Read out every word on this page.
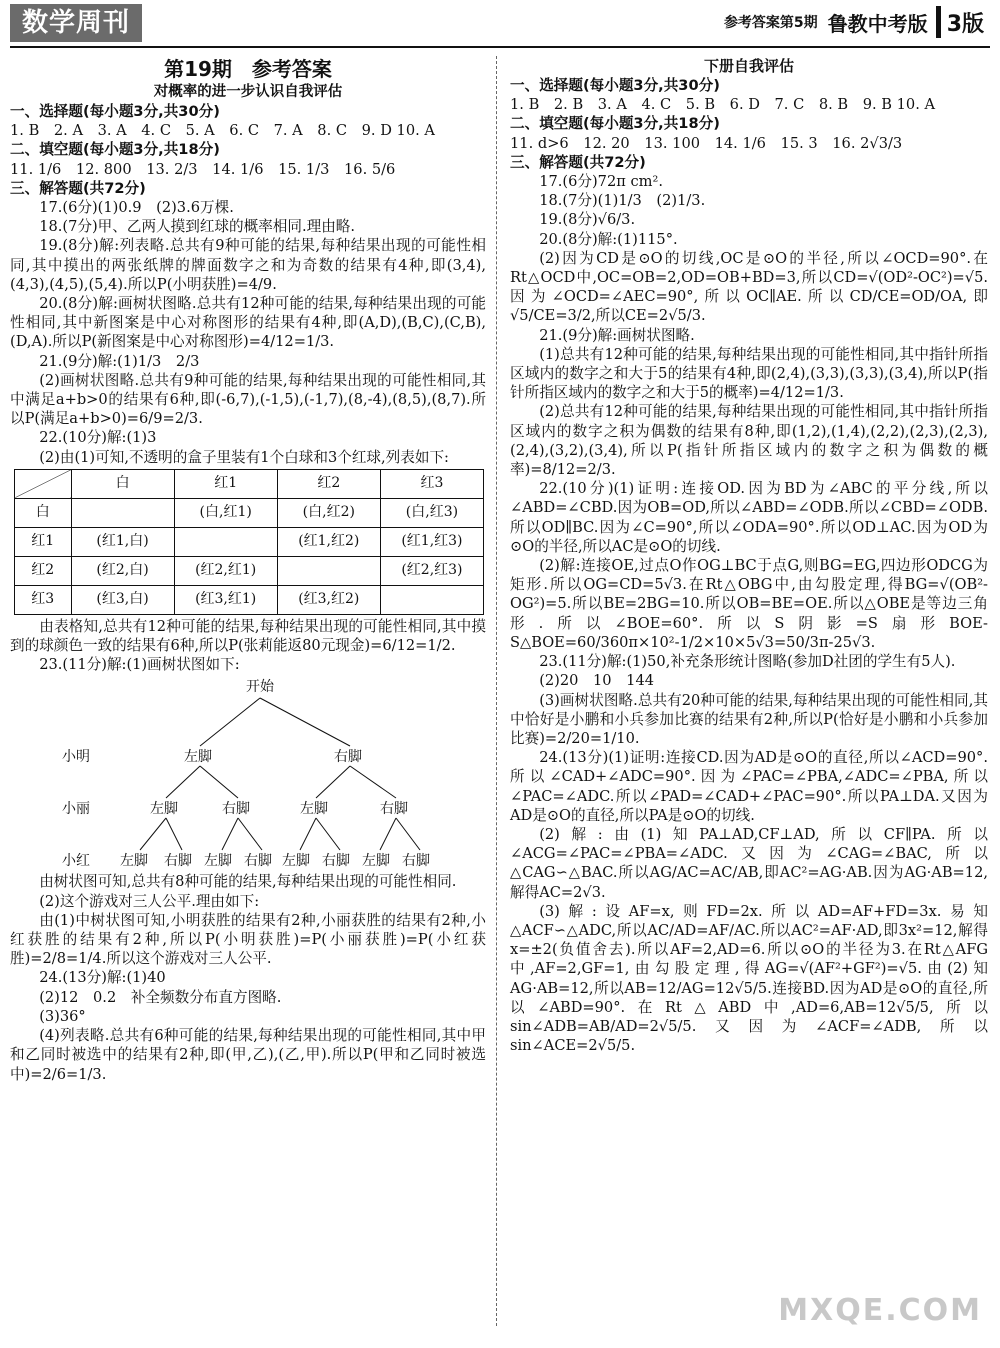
数学周刊	参考答案第5期 鲁教中考版 3版
第19期　参考答案
对概率的进一步认识自我评估

一、选择题(每小题3分,共30分)

1. B　2. A　3. A　4. C　5. A　6. C　7. A　8. C　9. D 10. A

二、填空题(每小题3分,共18分)

11. 1/6　12. 800　13. 2/3　14. 1/6　15. 1/3　16. 5/6

三、解答题(共72分)

17.(6分)(1)0.9　(2)3.6万棵.

18.(7分)甲、乙两人摸到红球的概率相同.理由略.

19.(8分)解:列表略.总共有9种可能的结果,每种结果出现的可能性相同,其中摸出的两张纸牌的牌面数字之和为奇数的结果有4种,即(3,4),(4,3),(4,5),(5,4).所以P(小明获胜)=4/9.

20.(8分)解:画树状图略.总共有12种可能的结果,每种结果出现的可能性相同,其中新图案是中心对称图形的结果有4种,即(A,D),(B,C),(C,B),(D,A).所以P(新图案是中心对称图形)=4/12=1/3.

21.(9分)解:(1)1/3　2/3

(2)画树状图略.总共有9种可能的结果,每种结果出现的可能性相同,其中满足a+b>0的结果有6种,即(-6,7),(-1,5),(-1,7),(8,-4),(8,5),(8,7).所以P(满足a+b>0)=6/9=2/3.

22.(10分)解:(1)3

(2)由(1)可知,不透明的盒子里装有1个白球和3个红球,列表如下:

	白	红1	红2	红3
白		(白,红1)	(白,红2)	(白,红3)
红1	(红1,白)		(红1,红2)	(红1,红3)
红2	(红2,白)	(红2,红1)		(红2,红3)
红3	(红3,白)	(红3,红1)	(红3,红2)	

由表格知,总共有12种可能的结果,每种结果出现的可能性相同,其中摸到的球颜色一致的结果有6种,所以P(张莉能返80元现金)=6/12=1/2.

23.(11分)解:(1)画树状图如下:

开始
小明
小丽
小红
左脚	右脚
左脚	右脚	左脚	右脚
左脚 右脚 左脚 右脚 左脚 右脚 左脚 右脚

由树状图可知,总共有8种可能的结果,每种结果出现的可能性相同.

(2)这个游戏对三人公平.理由如下:

由(1)中树状图可知,小明获胜的结果有2种,小丽获胜的结果有2种,小红获胜的结果有2种,所以P(小明获胜)=P(小丽获胜)=P(小红获胜)=2/8=1/4.所以这个游戏对三人公平.

24.(13分)解:(1)40

(2)12　0.2　补全频数分布直方图略.

(3)36°

(4)列表略.总共有6种可能的结果,每种结果出现的可能性相同,其中甲和乙同时被选中的结果有2种,即(甲,乙),(乙,甲).所以P(甲和乙同时被选中)=2/6=1/3.

下册自我评估

一、选择题(每小题3分,共30分)

1. B　2. B　3. A　4. C　5. B　6. D　7. C　8. B　9. B 10. A

二、填空题(每小题3分,共18分)

11. d>6　12. 20　13. 100　14. 1/6　15. 3　16. 2√3/3

三、解答题(共72分)

17.(6分)72π cm².

18.(7分)(1)1/3　(2)1/3.

19.(8分)√6/3.

20.(8分)解:(1)115°.

(2)因为CD是⊙O的切线,OC是⊙O的半径,所以∠OCD=90°.在Rt△OCD中,OC=OB=2,OD=OB+BD=3,所以CD=√(OD²-OC²)=√5.因为∠OCD=∠AEC=90°,所以OC∥AE.所以CD/CE=OD/OA,即√5/CE=3/2,所以CE=2√5/3.

21.(9分)解:画树状图略.

(1)总共有12种可能的结果,每种结果出现的可能性相同,其中指针所指区域内的数字之和大于5的结果有4种,即(2,4),(3,3),(3,3),(3,4),所以P(指针所指区域内的数字之和大于5的概率)=4/12=1/3.

(2)总共有12种可能的结果,每种结果出现的可能性相同,其中指针所指区域内的数字之积为偶数的结果有8种,即(1,2),(1,4),(2,2),(2,3),(2,3),(2,4),(3,2),(3,4),所以P(指针所指区域内的数字之积为偶数的概率)=8/12=2/3.

22.(10分)(1)证明:连接OD.因为BD为∠ABC的平分线,所以∠ABD=∠CBD.因为OB=OD,所以∠ABD=∠ODB.所以∠CBD=∠ODB.所以OD∥BC.因为∠C=90°,所以∠ODA=90°.所以OD⊥AC.因为OD为⊙O的半径,所以AC是⊙O的切线.

(2)解:连接OE,过点O作OG⊥BC于点G,则BG=EG,四边形ODCG为矩形.所以OG=CD=5√3.在Rt△OBG中,由勾股定理,得BG=√(OB²-OG²)=5.所以BE=2BG=10.所以OB=BE=OE.所以△OBE是等边三角形.所以∠BOE=60°.所以S阴影=S扇形BOE-S△BOE=60/360π×10²-1/2×10×5√3=50/3π-25√3.

23.(11分)解:(1)50,补充条形统计图略(参加D社团的学生有5人).

(2)20　10　144

(3)画树状图略.总共有20种可能的结果,每种结果出现的可能性相同,其中恰好是小鹏和小兵参加比赛的结果有2种,所以P(恰好是小鹏和小兵参加比赛)=2/20=1/10.

24.(13分)(1)证明:连接CD.因为AD是⊙O的直径,所以∠ACD=90°.所以∠CAD+∠ADC=90°.因为∠PAC=∠PBA,∠ADC=∠PBA,所以∠PAC=∠ADC.所以∠PAD=∠CAD+∠PAC=90°.所以PA⊥DA.又因为AD是⊙O的直径,所以PA是⊙O的切线.

(2)解:由(1)知PA⊥AD,CF⊥AD,所以CF∥PA.所以∠ACG=∠PAC=∠PBA=∠ADC.又因为∠CAG=∠BAC,所以△CAG∽△BAC.所以AG/AC=AC/AB,即AC²=AG·AB.因为AG·AB=12,解得AC=2√3.

(3)解:设AF=x,则FD=2x.所以AD=AF+FD=3x.易知△ACF∽△ADC,所以AC/AD=AF/AC.所以AC²=AF·AD,即3x²=12,解得x=±2(负值舍去).所以AF=2,AD=6.所以⊙O的半径为3.在Rt△AFG中,AF=2,GF=1,由勾股定理,得AG=√(AF²+GF²)=√5.由(2)知AG·AB=12,所以AB=12/AG=12√5/5.连接BD.因为AD是⊙O的直径,所以∠ABD=90°.在Rt△ABD中,AD=6,AB=12√5/5,所以sin∠ADB=AB/AD=2√5/5.又因为∠ACF=∠ADB,所以sin∠ACE=2√5/5.

MXQE.COM
